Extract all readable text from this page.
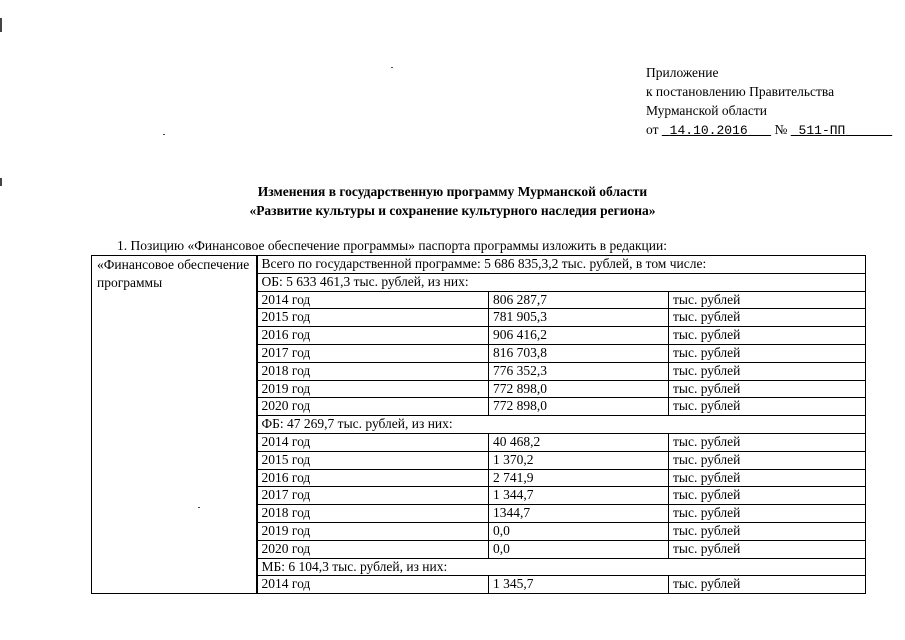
Приложение
к постановлению Правительства
Мурманской области
от 14.10.2016 № 511-ПП
Изменения в государственную программу Мурманской области
«Развитие культуры и сохранение культурного наследия региона»
1. Позицию «Финансовое обеспечение программы» паспорта программы изложить в редакции:
«Финансовое обеспечение программы	Всего по государственной программе: 5 686 835,3,2 тыс. рублей, в том числе:		
	ОБ: 5 633 461,3 тыс. рублей, из них:		
	2014 год	806 287,7	тыс. рублей
	2015 год	781 905,3	тыс. рублей
	2016 год	906 416,2	тыс. рублей
	2017 год	816 703,8	тыс. рублей
	2018 год	776 352,3	тыс. рублей
	2019 год	772 898,0	тыс. рублей
	2020 год	772 898,0	тыс. рублей
	ФБ: 47 269,7 тыс. рублей, из них:		
	2014 год	40 468,2	тыс. рублей
	2015 год	1 370,2	тыс. рублей
	2016 год	2 741,9	тыс. рублей
	2017 год	1 344,7	тыс. рублей
	2018 год	1344,7	тыс. рублей
	2019 год	0,0	тыс. рублей
	2020 год	0,0	тыс. рублей
	МБ: 6 104,3 тыс. рублей, из них:		
	2014 год	1 345,7	тыс. рублей
